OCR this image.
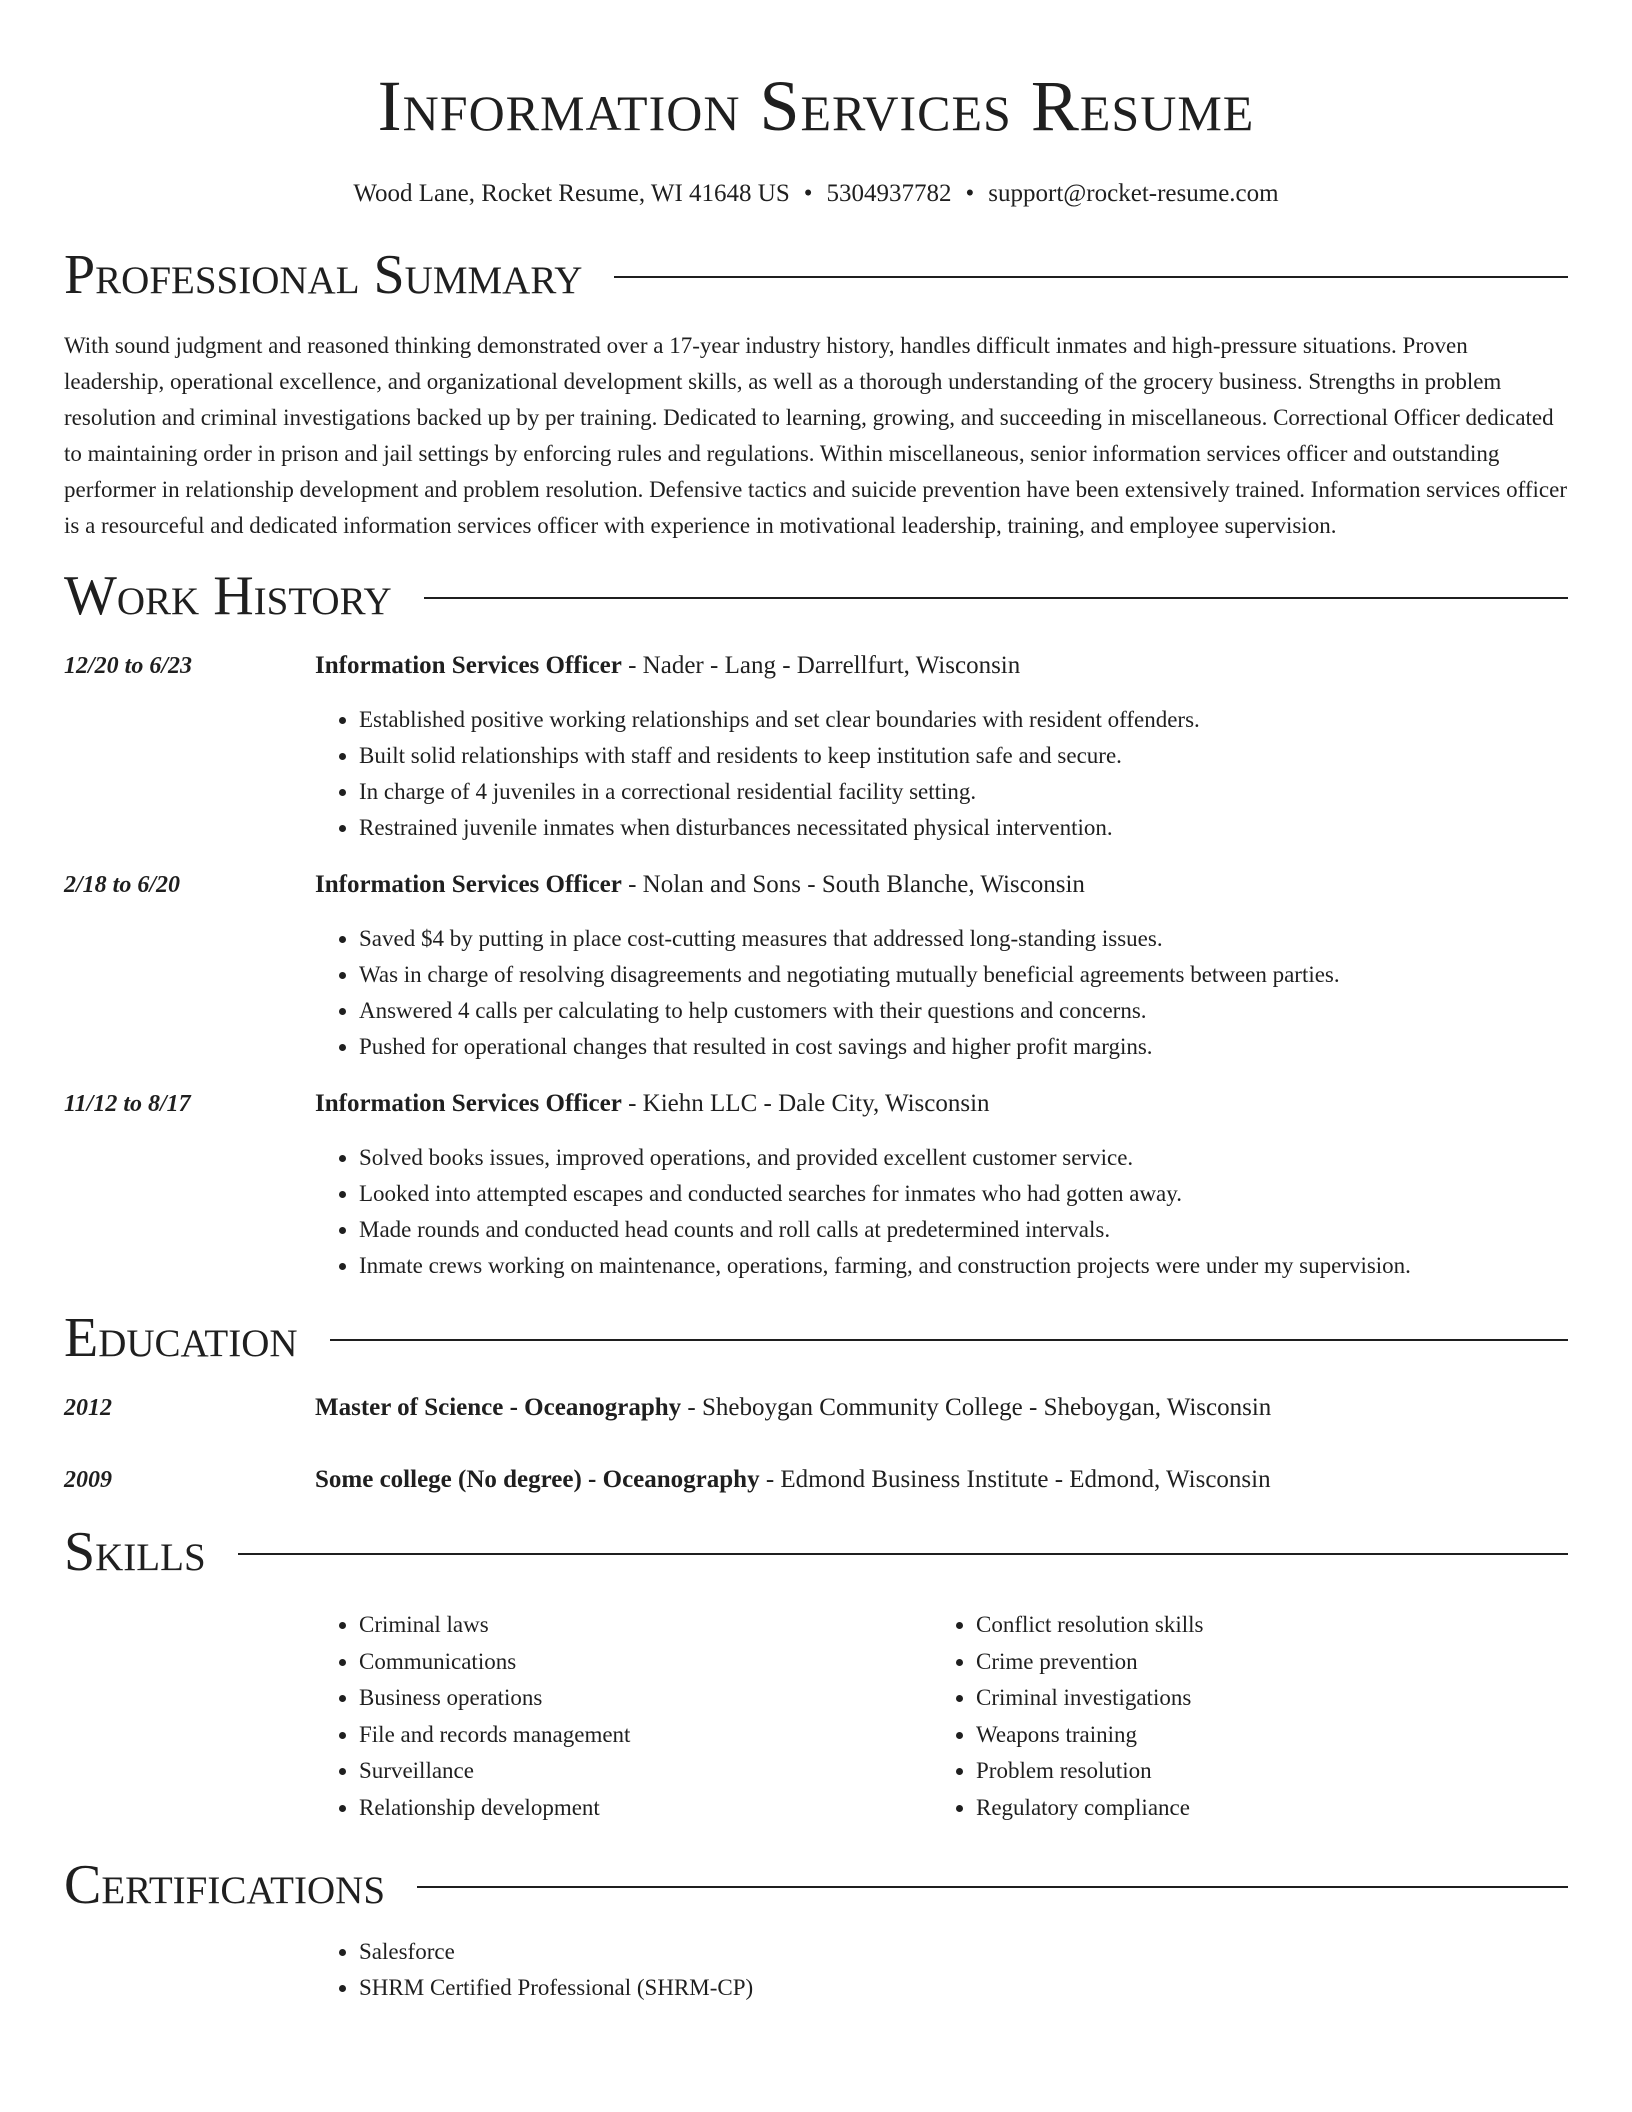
Information Services Resume
Wood Lane, Rocket Resume, WI 41648 US • 5304937782 • support@rocket-resume.com
Professional Summary

With sound judgment and reasoned thinking demonstrated over a 17-year industry history, handles difficult inmates and high-pressure situations. Proven leadership, operational excellence, and organizational development skills, as well as a thorough understanding of the grocery business. Strengths in problem resolution and criminal investigations backed up by per training. Dedicated to learning, growing, and succeeding in miscellaneous. Correctional Officer dedicated to maintaining order in prison and jail settings by enforcing rules and regulations. Within miscellaneous, senior information services officer and outstanding performer in relationship development and problem resolution. Defensive tactics and suicide prevention have been extensively trained. Information services officer is a resourceful and dedicated information services officer with experience in motivational leadership, training, and employee supervision.

Work History
12/20 to 6/23	Information Services Officer - Nader - Lang - Darrellfurt, Wisconsin
• Established positive working relationships and set clear boundaries with resident offenders.
• Built solid relationships with staff and residents to keep institution safe and secure.
• In charge of 4 juveniles in a correctional residential facility setting.
• Restrained juvenile inmates when disturbances necessitated physical intervention.
2/18 to 6/20	Information Services Officer - Nolan and Sons - South Blanche, Wisconsin
• Saved $4 by putting in place cost-cutting measures that addressed long-standing issues.
• Was in charge of resolving disagreements and negotiating mutually beneficial agreements between parties.
• Answered 4 calls per calculating to help customers with their questions and concerns.
• Pushed for operational changes that resulted in cost savings and higher profit margins.
11/12 to 8/17	Information Services Officer - Kiehn LLC - Dale City, Wisconsin
• Solved books issues, improved operations, and provided excellent customer service.
• Looked into attempted escapes and conducted searches for inmates who had gotten away.
• Made rounds and conducted head counts and roll calls at predetermined intervals.
• Inmate crews working on maintenance, operations, farming, and construction projects were under my supervision.
Education
2012	Master of Science - Oceanography - Sheboygan Community College - Sheboygan, Wisconsin
2009	Some college (No degree) - Oceanography - Edmond Business Institute - Edmond, Wisconsin
Skills
• Criminal laws
• Communications
• Business operations
• File and records management
• Surveillance
• Relationship development
• Conflict resolution skills
• Crime prevention
• Criminal investigations
• Weapons training
• Problem resolution
• Regulatory compliance
Certifications
• Salesforce
• SHRM Certified Professional (SHRM-CP)
